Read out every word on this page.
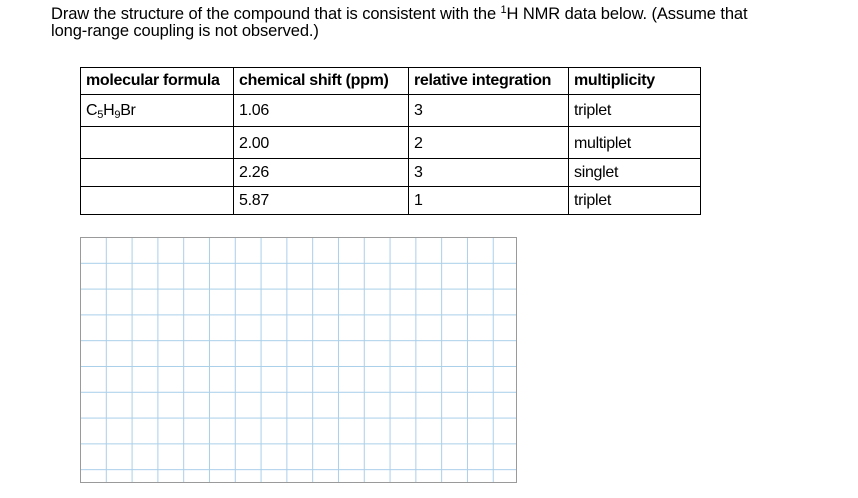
Draw the structure of the compound that is consistent with the $^1$H NMR data below. (Assume that
long-range coupling is not observed.)
molecular formula	chemical shift (ppm)	relative integration	multiplicity
$C_5H_9Br$	1.06	3	triplet
	2.00	2	multiplet
	2.26	3	singlet
	5.87	1	triplet
